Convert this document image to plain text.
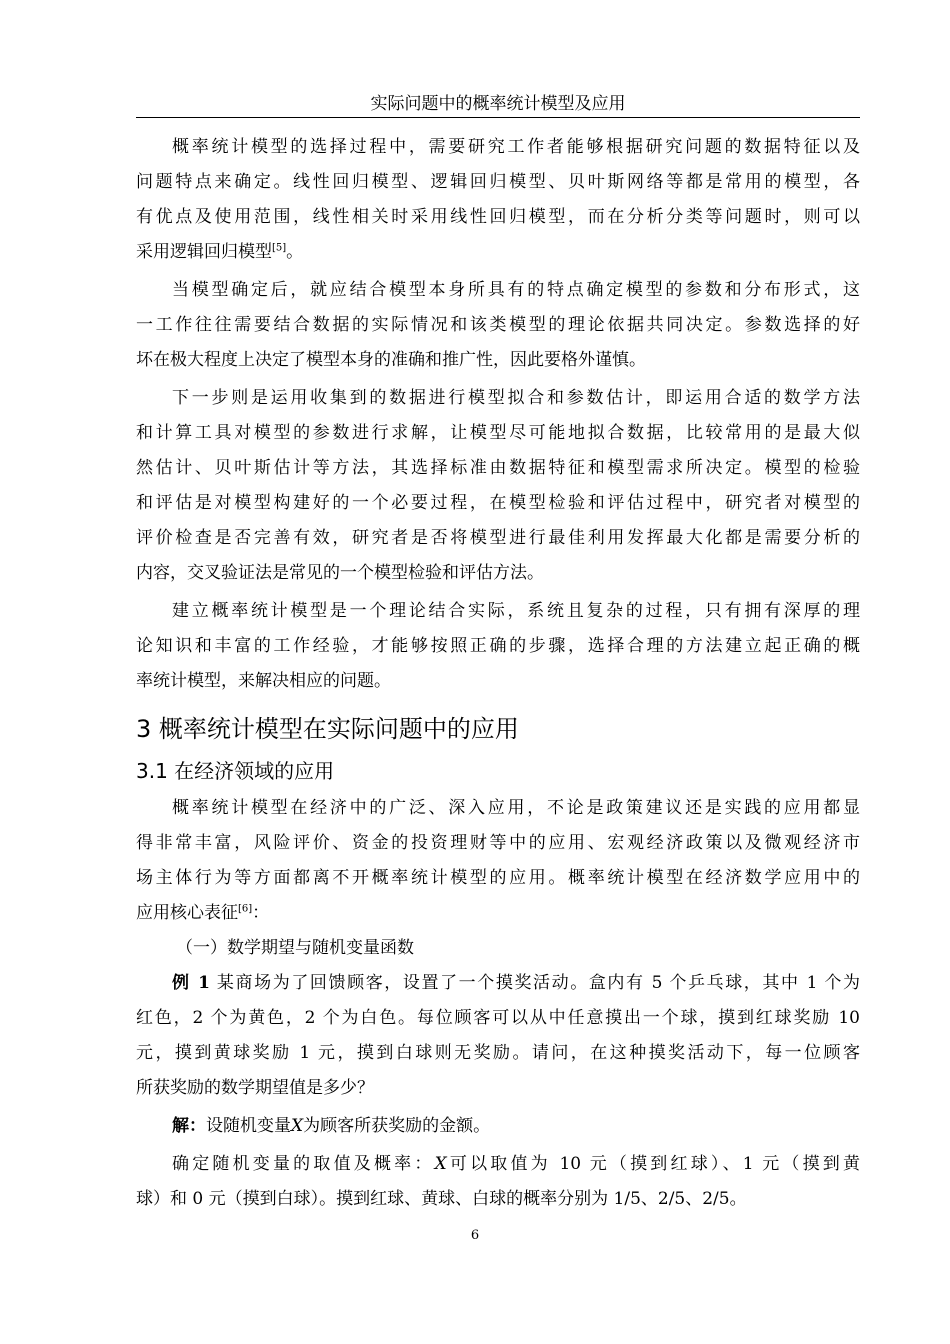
实际问题中的概率统计模型及应用
概率统计模型的选择过程中，需要研究工作者能够根据研究问题的数据特征以及
问题特点来确定。线性回归模型、逻辑回归模型、贝叶斯网络等都是常用的模型，各
有优点及使用范围，线性相关时采用线性回归模型，而在分析分类等问题时，则可以
采用逻辑回归模型[5]。
当模型确定后，就应结合模型本身所具有的特点确定模型的参数和分布形式，这
一工作往往需要结合数据的实际情况和该类模型的理论依据共同决定。参数选择的好
坏在极大程度上决定了模型本身的准确和推广性，因此要格外谨慎。
下一步则是运用收集到的数据进行模型拟合和参数估计，即运用合适的数学方法
和计算工具对模型的参数进行求解，让模型尽可能地拟合数据，比较常用的是最大似
然估计、贝叶斯估计等方法，其选择标准由数据特征和模型需求所决定。模型的检验
和评估是对模型构建好的一个必要过程，在模型检验和评估过程中，研究者对模型的
评价检查是否完善有效，研究者是否将模型进行最佳利用发挥最大化都是需要分析的
内容，交叉验证法是常见的一个模型检验和评估方法。
建立概率统计模型是一个理论结合实际，系统且复杂的过程，只有拥有深厚的理
论知识和丰富的工作经验，才能够按照正确的步骤，选择合理的方法建立起正确的概
率统计模型，来解决相应的问题。
3 概率统计模型在实际问题中的应用
3.1 在经济领域的应用
概率统计模型在经济中的广泛、深入应用，不论是政策建议还是实践的应用都显
得非常丰富，风险评价、资金的投资理财等中的应用、宏观经济政策以及微观经济市
场主体行为等方面都离不开概率统计模型的应用。概率统计模型在经济数学应用中的
应用核心表征[6]：
（一）数学期望与随机变量函数
例 1 某商场为了回馈顾客，设置了一个摸奖活动。盒内有 5 个乒乓球，其中 1 个为
红色，2 个为黄色，2 个为白色。每位顾客可以从中任意摸出一个球，摸到红球奖励 10
元，摸到黄球奖励 1 元，摸到白球则无奖励。请问，在这种摸奖活动下，每一位顾客
所获奖励的数学期望值是多少？
解：设随机变量X为顾客所获奖励的金额。
确定随机变量的取值及概率：X可以取值为 10 元（摸到红球）、1 元（摸到黄
球）和 0 元（摸到白球）。摸到红球、黄球、白球的概率分别为 1/5、2/5、2/5。
6
